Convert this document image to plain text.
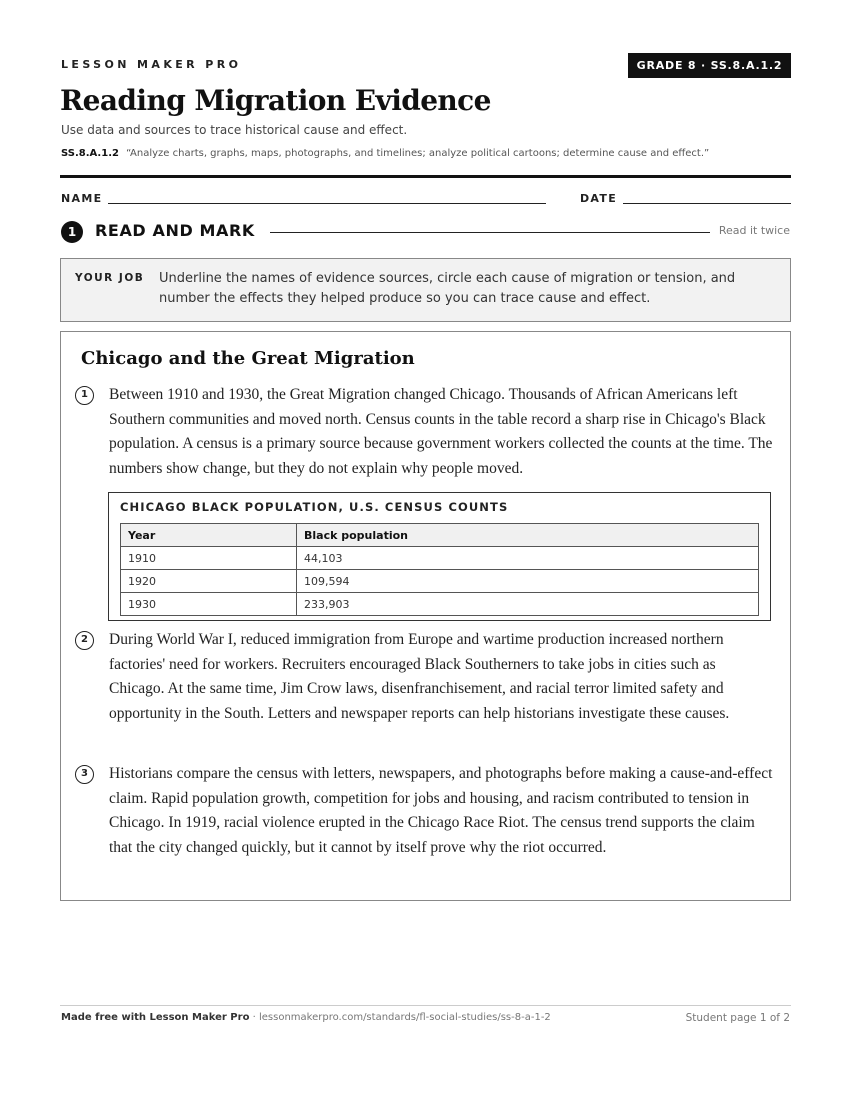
LESSON MAKER PRO	GRADE 8 · SS.8.A.1.2
Reading Migration Evidence
Use data and sources to trace historical cause and effect.
SS.8.A.1.2 “Analyze charts, graphs, maps, photographs, and timelines; analyze political cartoons; determine cause and effect.”
NAME	DATE
1	READ AND MARK	Read it twice
YOUR JOB Underline the names of evidence sources, circle each cause of migration or tension, and number the effects they helped produce so you can trace cause and effect.
Chicago and the Great Migration
1	Between 1910 and 1930, the Great Migration changed Chicago. Thousands of African Americans left Southern communities and moved north. Census counts in the table record a sharp rise in Chicago's Black population. A census is a primary source because government workers collected the counts at the time. The numbers show change, but they do not explain why people moved.
CHICAGO BLACK POPULATION, U.S. CENSUS COUNTS
Year	Black population
1910	44,103
1920	109,594
1930	233,903
2	During World War I, reduced immigration from Europe and wartime production increased northern factories' need for workers. Recruiters encouraged Black Southerners to take jobs in cities such as Chicago. At the same time, Jim Crow laws, disenfranchisement, and racial terror limited safety and opportunity in the South. Letters and newspaper reports can help historians investigate these causes.
3	Historians compare the census with letters, newspapers, and photographs before making a cause-and-effect claim. Rapid population growth, competition for jobs and housing, and racism contributed to tension in Chicago. In 1919, racial violence erupted in the Chicago Race Riot. The census trend supports the claim that the city changed quickly, but it cannot by itself prove why the riot occurred.
Made free with Lesson Maker Pro · lessonmakerpro.com/standards/fl-social-studies/ss-8-a-1-2	Student page 1 of 2
